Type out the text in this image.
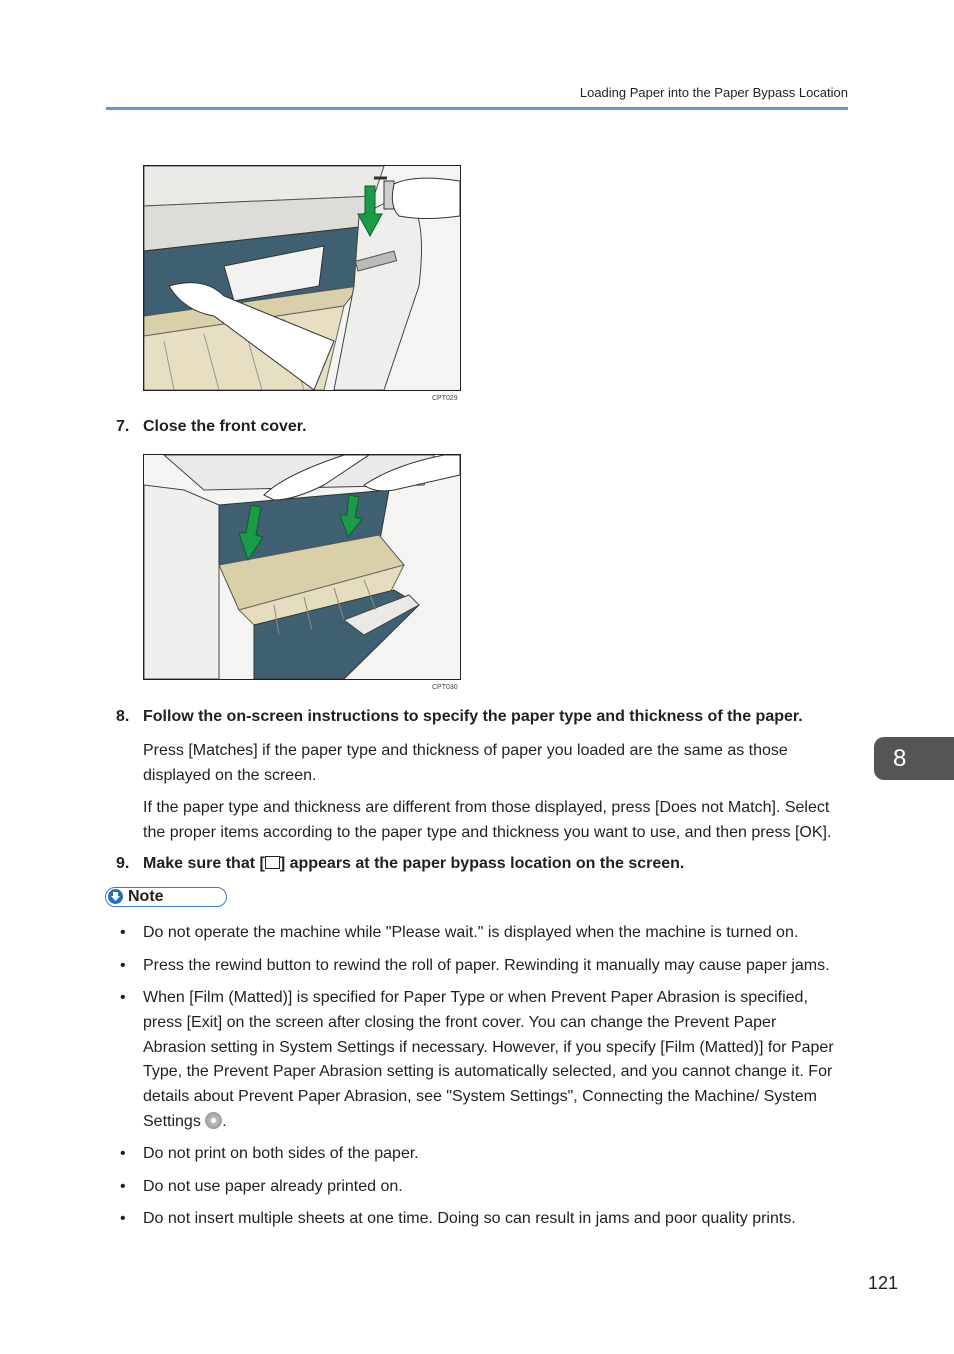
Loading Paper into the Paper Bypass Location
CPT029
7. Close the front cover.
CPT030
8. Follow the on-screen instructions to specify the paper type and thickness of the paper.
Press [Matches] if the paper type and thickness of paper you loaded are the same as those displayed on the screen.
If the paper type and thickness are different from those displayed, press [Does not Match]. Select the proper items according to the paper type and thickness you want to use, and then press [OK].
9. Make sure that [ ] appears at the paper bypass location on the screen.
8
Note
• Do not operate the machine while "Please wait." is displayed when the machine is turned on.
• Press the rewind button to rewind the roll of paper. Rewinding it manually may cause paper jams.
• When [Film (Matted)] is specified for Paper Type or when Prevent Paper Abrasion is specified, press [Exit] on the screen after closing the front cover. You can change the Prevent Paper Abrasion setting in System Settings if necessary. However, if you specify [Film (Matted)] for Paper Type, the Prevent Paper Abrasion setting is automatically selected, and you cannot change it. For details about Prevent Paper Abrasion, see "System Settings", Connecting the Machine/ System Settings .
• Do not print on both sides of the paper.
• Do not use paper already printed on.
• Do not insert multiple sheets at one time. Doing so can result in jams and poor quality prints.
121
